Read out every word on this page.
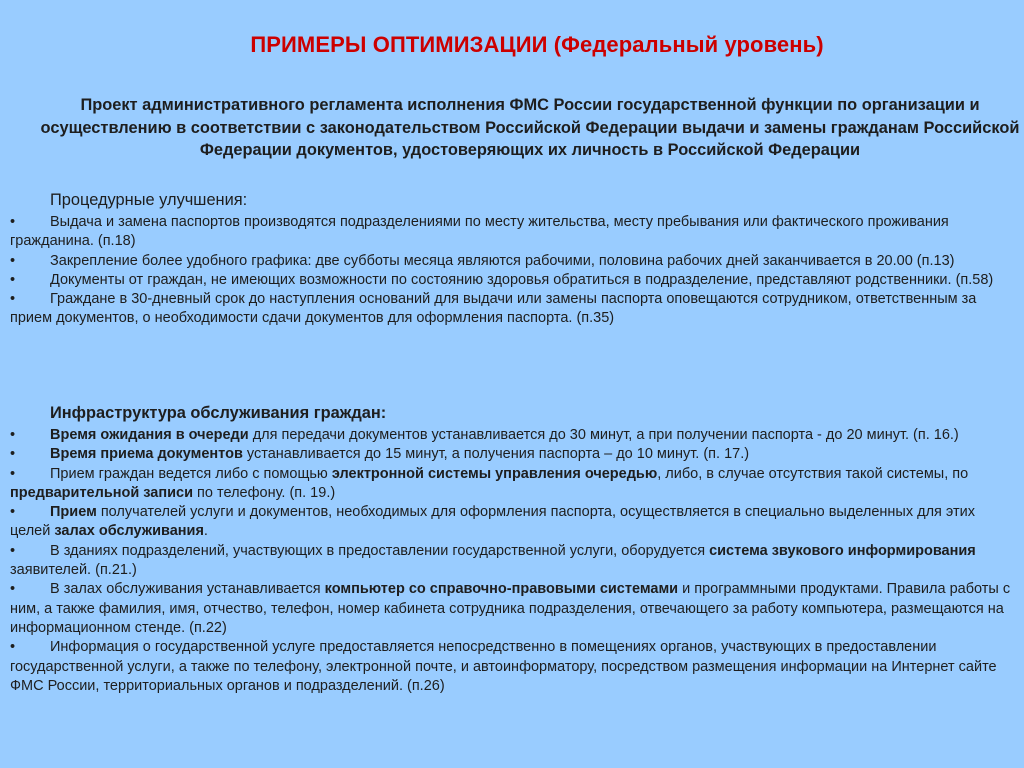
ПРИМЕРЫ ОПТИМИЗАЦИИ (Федеральный уровень)
Проект административного регламента исполнения ФМС России государственной функции по организации и осуществлению в соответствии с законодательством Российской Федерации выдачи и замены гражданам Российской Федерации документов, удостоверяющих их личность в Российской Федерации
Процедурные улучшения:

•	Выдача и замена паспортов производятся подразделениями по месту жительства, месту пребывания или фактического проживания гражданина. (п.18)

•	Закрепление более удобного графика: две субботы месяца являются рабочими, половина рабочих дней заканчивается в 20.00 (п.13)

•	Документы от граждан, не имеющих возможности по состоянию здоровья обратиться в подразделение, представляют родственники. (п.58)

•	Граждане в 30-дневный срок до наступления оснований для выдачи или замены паспорта оповещаются сотрудником, ответственным за прием документов, о необходимости сдачи документов для оформления паспорта. (п.35)

Инфраструктура обслуживания граждан:

•	Время ожидания в очереди для передачи документов устанавливается до 30 минут, а при получении паспорта - до 20 минут. (п. 16.)

•	Время приема документов устанавливается до 15 минут, а получения паспорта – до 10 минут. (п. 17.)

•	Прием граждан ведется либо с помощью электронной системы управления очередью, либо, в случае отсутствия такой системы, по предварительной записи по телефону. (п. 19.)

•	Прием получателей услуги и документов, необходимых для оформления паспорта, осуществляется в специально выделенных для этих целей залах обслуживания.

•	В зданиях подразделений, участвующих в предоставлении государственной услуги, оборудуется система звукового информирования заявителей. (п.21.)

•	В залах обслуживания устанавливается компьютер со справочно-правовыми системами и программными продуктами. Правила работы с ним, а также фамилия, имя, отчество, телефон, номер кабинета сотрудника подразделения, отвечающего за работу компьютера, размещаются на информационном стенде. (п.22)

•	Информация о государственной услуге предоставляется непосредственно в помещениях органов, участвующих в предоставлении государственной услуги, а также по телефону, электронной почте, и автоинформатору, посредством размещения информации на Интернет сайте ФМС России, территориальных органов и подразделений. (п.26)
